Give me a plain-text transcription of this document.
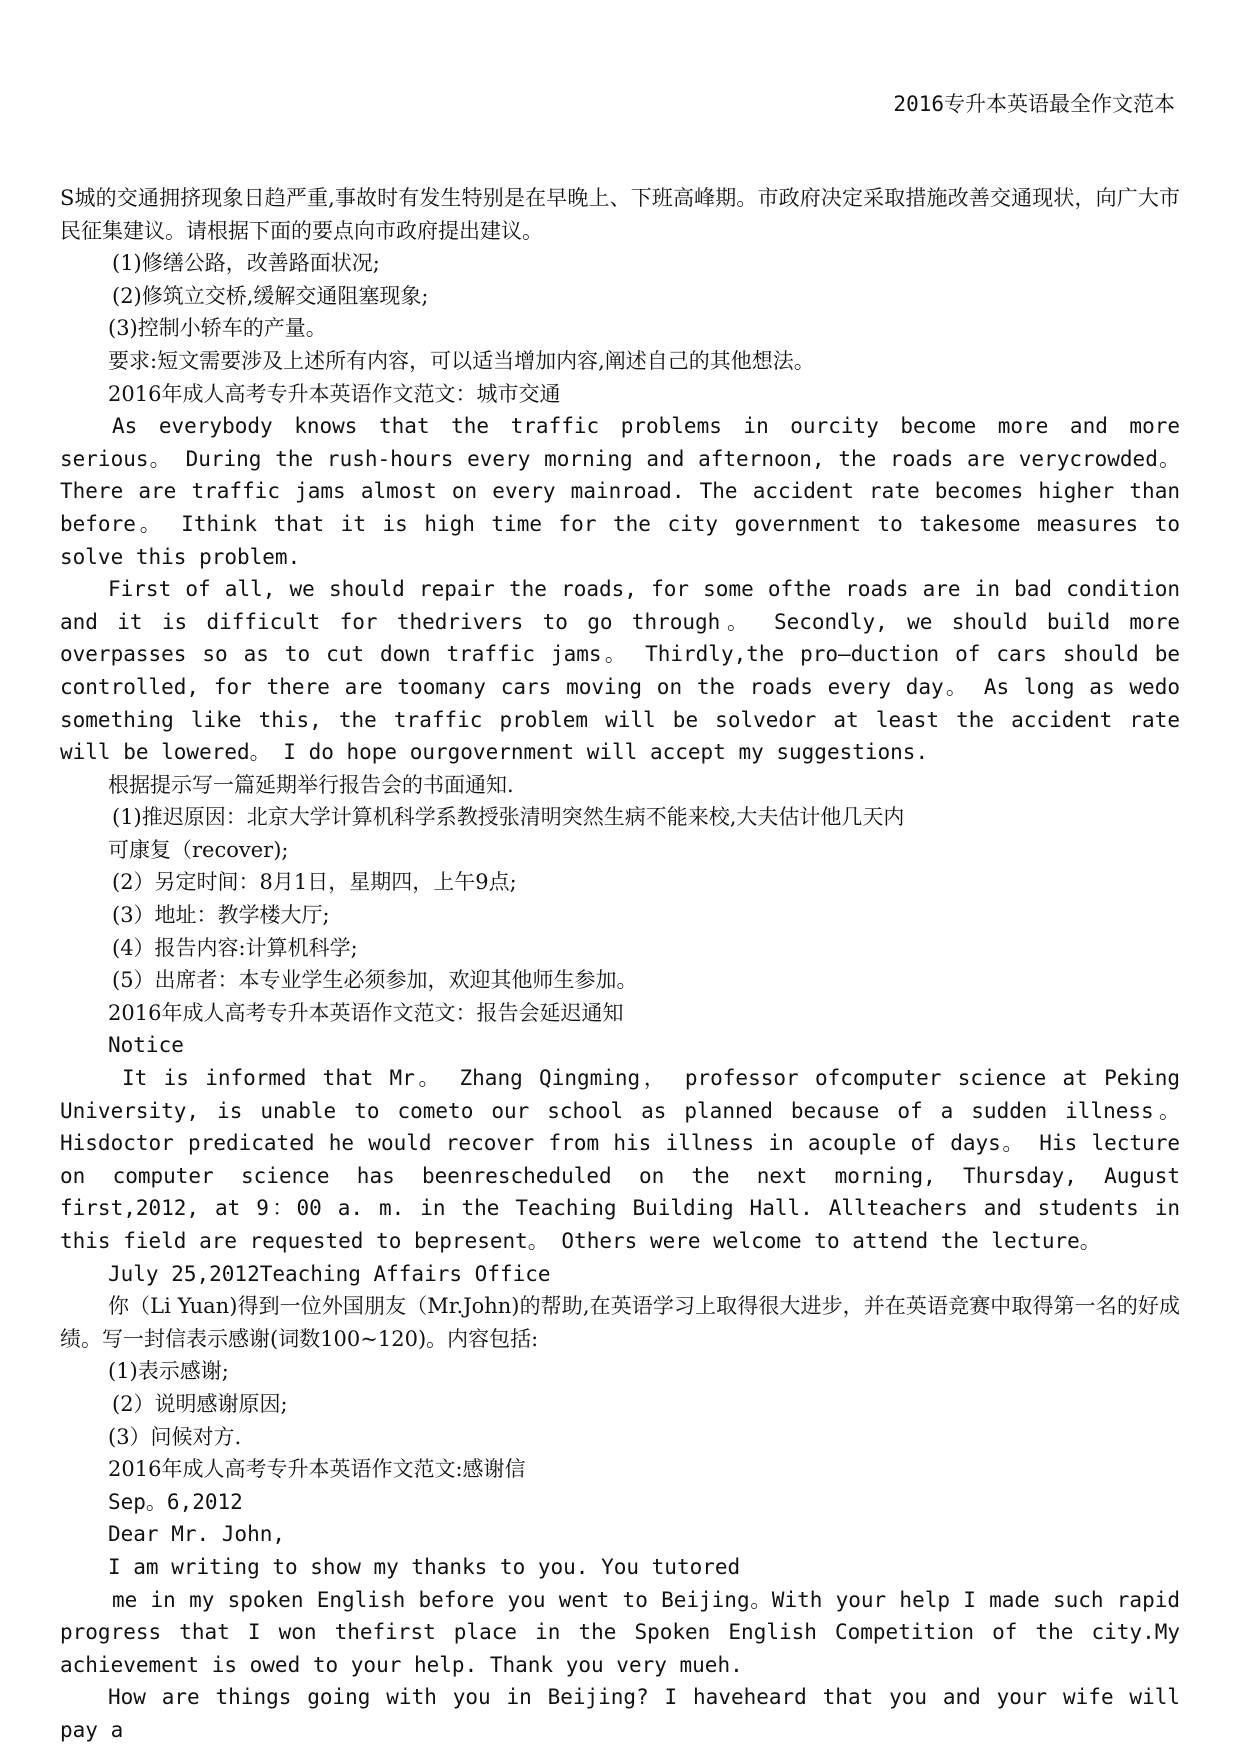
2016专升本英语最全作文范本

S城的交通拥挤现象日趋严重,事故时有发生特别是在早晚上、下班高峰期。市政府决定采取措施改善交通现状，向广大市民征集建议。请根据下面的要点向市政府提出建议。

(1)修缮公路，改善路面状况;

(2)修筑立交桥,缓解交通阻塞现象;

(3)控制小轿车的产量。

要求:短文需要涉及上述所有内容，可以适当增加内容,阐述自己的其他想法。

2016年成人高考专升本英语作文范文：城市交通

As everybody knows that the traffic problems in ourcity become more and more serious。 During the rush-hours every morning and afternoon, the roads are verycrowded。 There are traffic jams almost on every mainroad. The accident rate becomes higher than before。 Ithink that it is high time for the city government to takesome measures to solve this problem.

First of all, we should repair the roads, for some ofthe roads are in bad condition and it is difficult for thedrivers to go through。 Secondly, we should build more overpasses so as to cut down traffic jams。 Thirdly,the pro—duction of cars should be controlled, for there are toomany cars moving on the roads every day。 As long as wedo something like this, the traffic problem will be solvedor at least the accident rate will be lowered。 I do hope ourgovernment will accept my suggestions.

根据提示写一篇延期举行报告会的书面通知.

(1)推迟原因：北京大学计算机科学系教授张清明突然生病不能来校,大夫估计他几天内

可康复（recover);

(2）另定时间：8月1日，星期四，上午9点;

(3）地址：教学楼大厅;

(4）报告内容:计算机科学;

(5）出席者：本专业学生必须参加，欢迎其他师生参加。

2016年成人高考专升本英语作文范文：报告会延迟通知

Notice

It is informed that Mr。 Zhang Qingming， professor ofcomputer science at Peking University, is unable to cometo our school as planned because of a sudden illness。 Hisdoctor predicated he would recover from his illness in acouple of days。 His lecture on computer science has beenrescheduled on the next morning, Thursday, August first,2012, at 9：00 a. m. in the Teaching Building Hall. Allteachers and students in this field are requested to bepresent。 Others were welcome to attend the lecture。

July 25,2012Teaching Affairs Office

你（Li Yuan)得到一位外国朋友（Mr.John)的帮助,在英语学习上取得很大进步，并在英语竞赛中取得第一名的好成绩。写一封信表示感谢(词数100~120)。内容包括:

(1)表示感谢;

(2）说明感谢原因;

(3）问候对方.

2016年成人高考专升本英语作文范文:感谢信

Sep。6,2012

Dear Mr. John,

I am writing to show my thanks to you. You tutored

me in my spoken English before you went to Beijing。With your help I made such rapid progress that I won thefirst place in the Spoken English Competition of the city.My achievement is owed to your help. Thank you very mueh.

How are things going with you in Beijing? I haveheard that you and your wife will pay a
